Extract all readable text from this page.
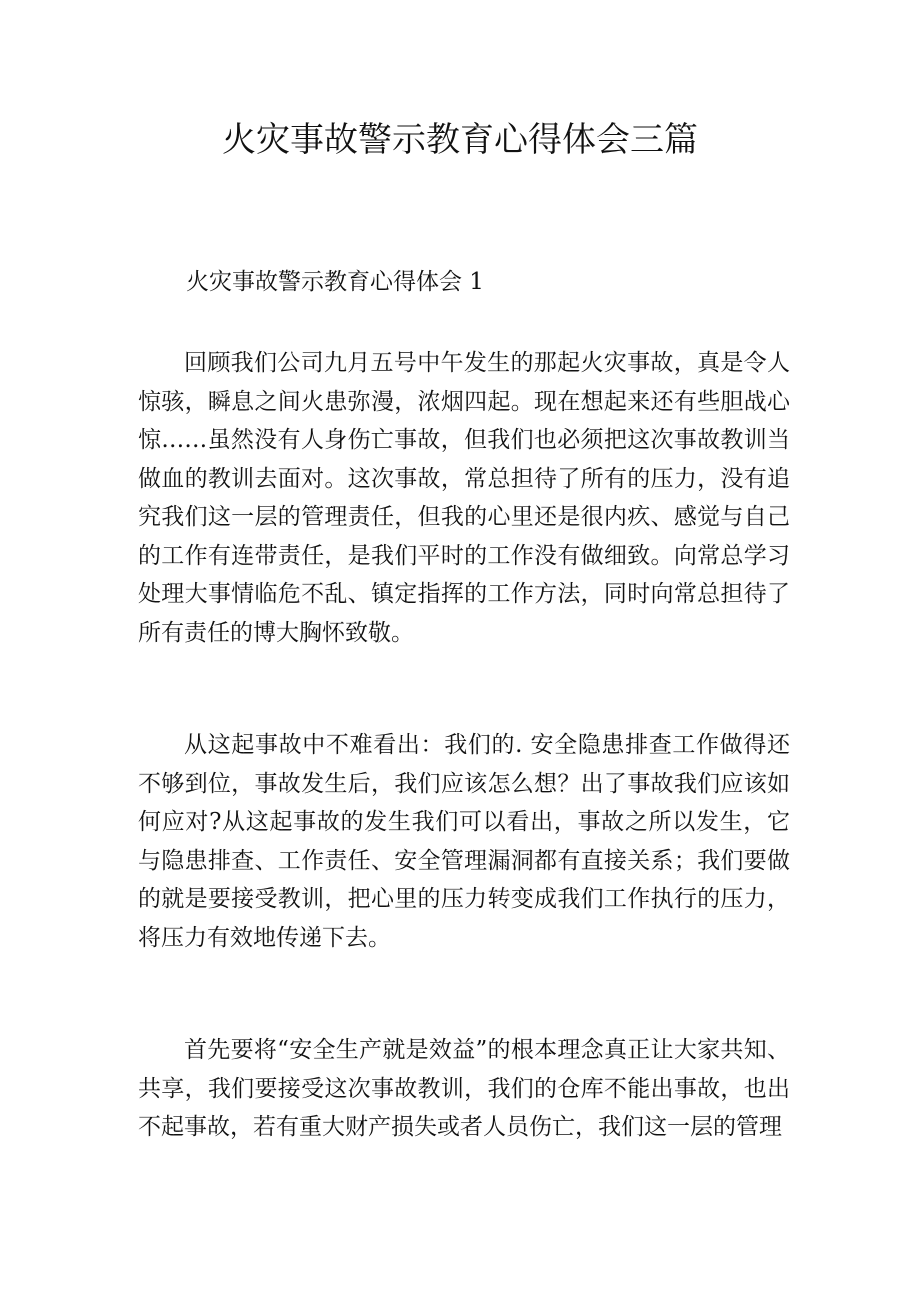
火灾事故警示教育心得体会三篇
火灾事故警示教育心得体会 1

回顾我们公司九月五号中午发生的那起火灾事故，真是令人惊骇，瞬息之间火患弥漫，浓烟四起。现在想起来还有些胆战心惊……虽然没有人身伤亡事故，但我们也必须把这次事故教训当做血的教训去面对。这次事故，常总担待了所有的压力，没有追究我们这一层的管理责任，但我的心里还是很内疚、感觉与自己的工作有连带责任，是我们平时的工作没有做细致。向常总学习处理大事情临危不乱、镇定指挥的工作方法，同时向常总担待了所有责任的博大胸怀致敬。

从这起事故中不难看出：我们的. 安全隐患排查工作做得还不够到位，事故发生后，我们应该怎么想？出了事故我们应该如何应对?从这起事故的发生我们可以看出，事故之所以发生，它与隐患排查、工作责任、安全管理漏洞都有直接关系；我们要做的就是要接受教训，把心里的压力转变成我们工作执行的压力，将压力有效地传递下去。

首先要将“安全生产就是效益”的根本理念真正让大家共知、共享，我们要接受这次事故教训，我们的仓库不能出事故，也出不起事故，若有重大财产损失或者人员伤亡，我们这一层的管理
